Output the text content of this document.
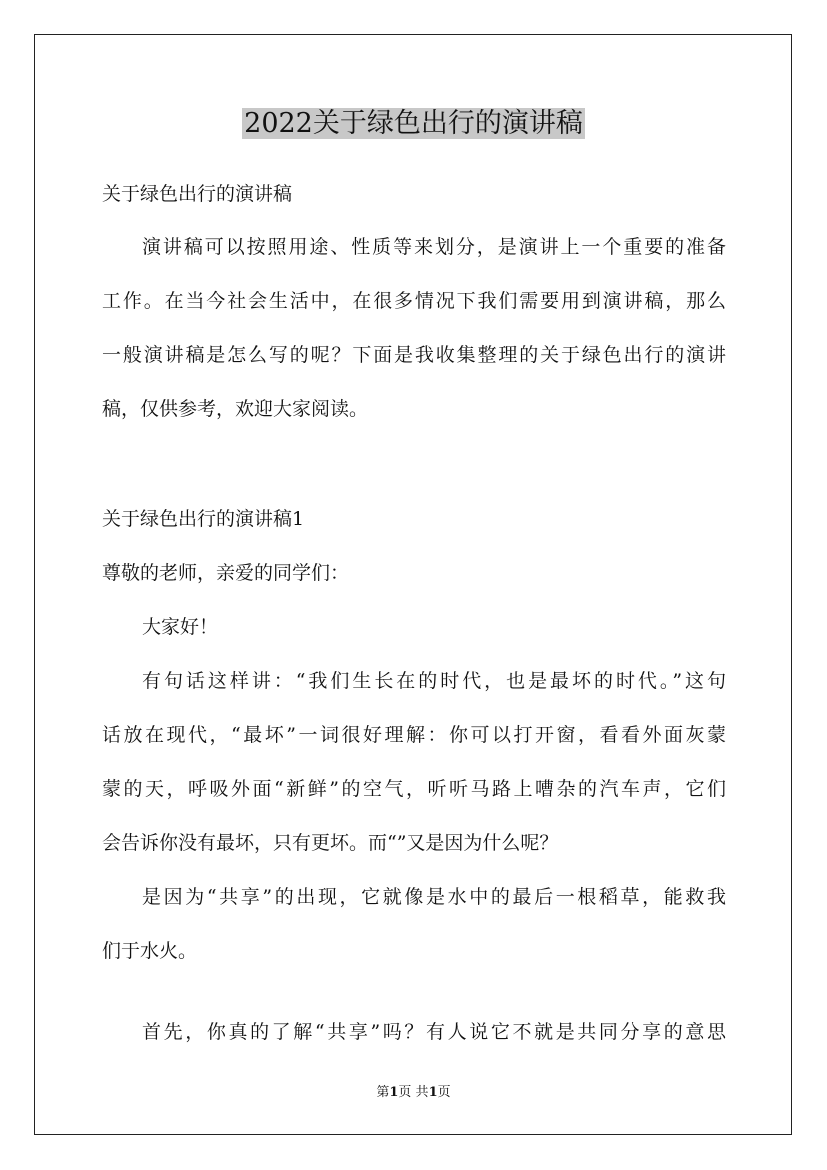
2022关于绿色出行的演讲稿

关于绿色出行的演讲稿

演讲稿可以按照用途、性质等来划分，是演讲上一个重要的准备

工作。在当今社会生活中，在很多情况下我们需要用到演讲稿，那么

一般演讲稿是怎么写的呢？下面是我收集整理的关于绿色出行的演讲

稿，仅供参考，欢迎大家阅读。

关于绿色出行的演讲稿1

尊敬的老师，亲爱的同学们：

大家好！

有句话这样讲：“我们生长在的时代，也是最坏的时代。”这句

话放在现代，“最坏”一词很好理解：你可以打开窗，看看外面灰蒙

蒙的天，呼吸外面“新鲜”的空气，听听马路上嘈杂的汽车声，它们

会告诉你没有最坏，只有更坏。而“”又是因为什么呢？

是因为“共享”的出现，它就像是水中的最后一根稻草，能救我

们于水火。

首先，你真的了解“共享”吗？有人说它不就是共同分享的意思

第1页 共1页
